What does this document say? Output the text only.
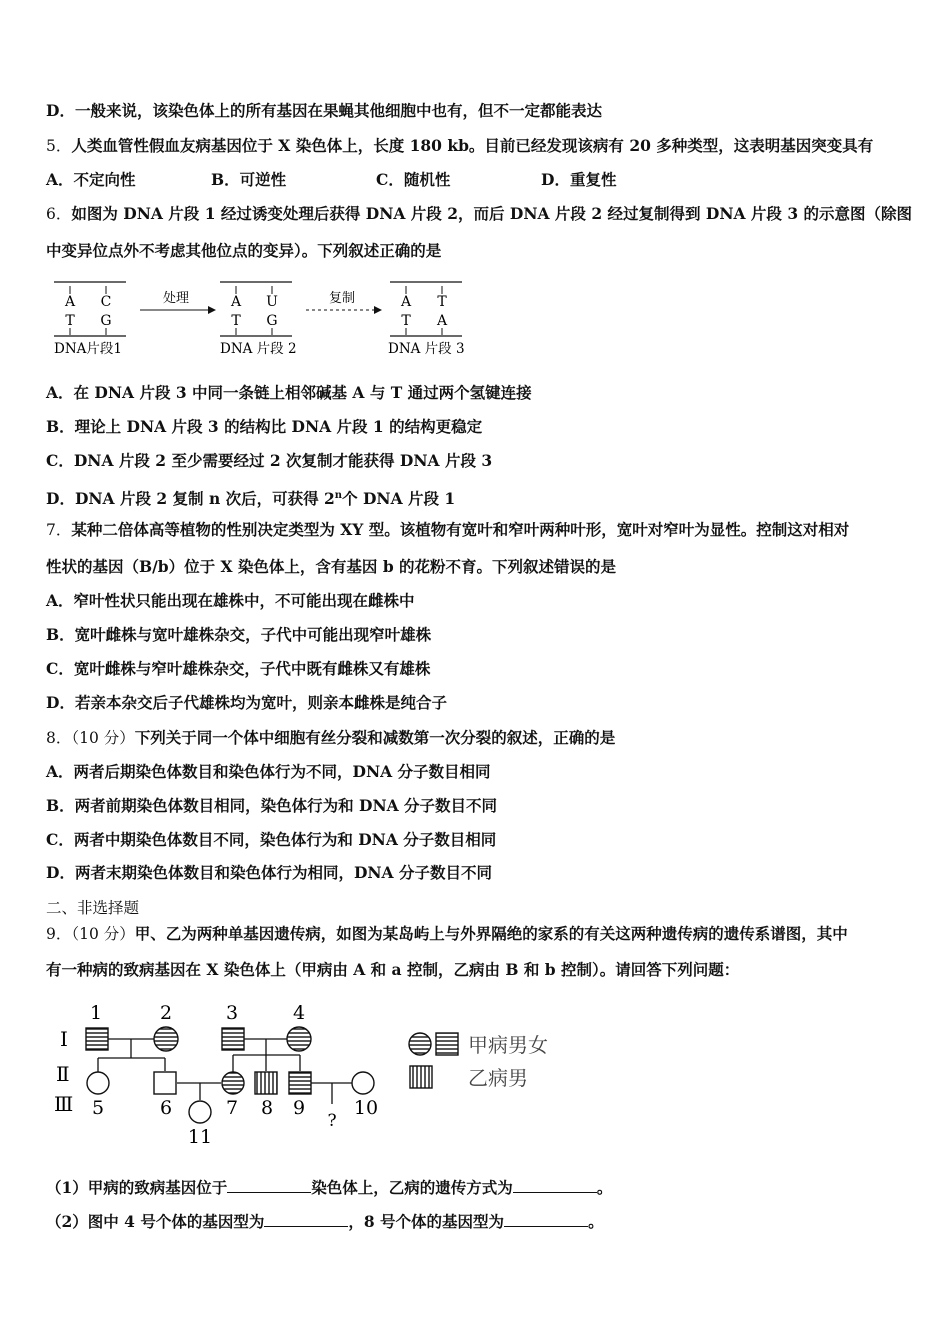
D．一般来说，该染色体上的所有基因在果蝇其他细胞中也有，但不一定都能表达
5．人类血管性假血友病基因位于 X 染色体上，长度 180 kb。目前已经发现该病有 20 多种类型，这表明基因突变具有
A．不定向性	B．可逆性	C．随机性	D．重复性
6．如图为 DNA 片段 1 经过诱变处理后获得 DNA 片段 2，而后 DNA 片段 2 经过复制得到 DNA 片段 3 的示意图（除图
中变异位点外不考虑其他位点的变异）。下列叙述正确的是
A C
T G
DNA片段1
处理	A U
T G
DNA 片段 2
复制	A T
T A
DNA 片段 3
A．在 DNA 片段 3 中同一条链上相邻碱基 A 与 T 通过两个氢键连接
B．理论上 DNA 片段 3 的结构比 DNA 片段 1 的结构更稳定
C．DNA 片段 2 至少需要经过 2 次复制才能获得 DNA 片段 3
D．DNA 片段 2 复制 n 次后，可获得 2$^n$个 DNA 片段 1
7．某种二倍体高等植物的性别决定类型为 XY 型。该植物有宽叶和窄叶两种叶形，宽叶对窄叶为显性。控制这对相对
性状的基因（B/b）位于 X 染色体上，含有基因 b 的花粉不育。下列叙述错误的是
A．窄叶性状只能出现在雄株中，不可能出现在雌株中
B．宽叶雌株与宽叶雄株杂交，子代中可能出现窄叶雄株
C．宽叶雌株与窄叶雄株杂交，子代中既有雌株又有雄株
D．若亲本杂交后子代雄株均为宽叶，则亲本雌株是纯合子
8．（10 分）下列关于同一个体中细胞有丝分裂和减数第一次分裂的叙述，正确的是
A．两者后期染色体数目和染色体行为不同，DNA 分子数目相同
B．两者前期染色体数目相同，染色体行为和 DNA 分子数目不同
C．两者中期染色体数目不同，染色体行为和 DNA 分子数目相同
D．两者末期染色体数目和染色体行为相同，DNA 分子数目不同
二、非选择题
9．（10 分）甲、乙为两种单基因遗传病，如图为某岛屿上与外界隔绝的家系的有关这两种遗传病的遗传系谱图，其中
有一种病的致病基因在 X 染色体上（甲病由 A 和 a 控制，乙病由 B 和 b 控制）。请回答下列问题：
Ⅰ
Ⅱ
Ⅲ
1	2	3	4
5	6	7 8 9	10
?
11
甲病男女
乙病男
（1）甲病的致病基因位于	染色体上，乙病的遗传方式为	。
（2）图中 4 号个体的基因型为	，8 号个体的基因型为	。
